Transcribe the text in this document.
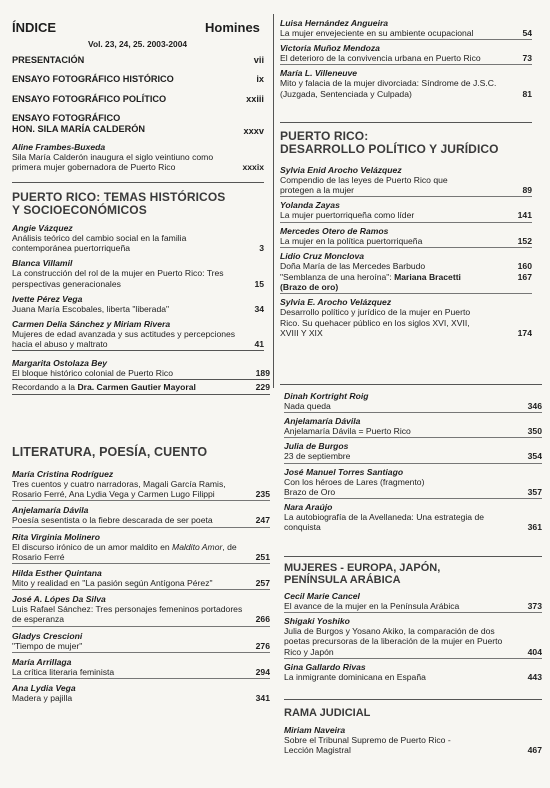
ÍNDICE	Homines
Vol. 23, 24, 25. 2003-2004
PRESENTACIÓN	vii
ENSAYO FOTOGRÁFICO HISTÓRICO	ix
ENSAYO FOTOGRÁFICO POLÍTICO	xxiii
ENSAYO FOTOGRÁFICO
HON. SILA MARÍA CALDERÓN	xxxv
Aline Frambes-Buxeda
Sila María Calderón inaugura el siglo veintiuno como primera mujer gobernadora de Puerto Rico	xxxix
PUERTO RICO: TEMAS HISTÓRICOS
Y SOCIOECONÓMICOS
Angie Vázquez
Análisis teórico del cambio social en la familia contemporánea puertorriqueña	3
Blanca Villamil
La construcción del rol de la mujer en Puerto Rico: Tres perspectivas generacionales	15
Ivette Pérez Vega
Juana María Escobales, liberta "liberada"	34
Carmen Delia Sánchez y Miriam Rivera
Mujeres de edad avanzada y sus actitudes y percepciones hacia el abuso y maltrato	41
Margarita Ostolaza Bey
El bloque histórico colonial de Puerto Rico	189
Recordando a la Dra. Carmen Gautier Mayoral	229
LITERATURA, POESÍA, CUENTO
María Cristina Rodríguez
Tres cuentos y cuatro narradoras, Magali García Ramis, Rosario Ferré, Ana Lydia Vega y Carmen Lugo Filippi	235
Anjelamaría Dávila
Poesía sesentista o la fiebre descarada de ser poeta	247
Rita Virginia Molinero
El discurso irónico de un amor maldito en Maldito Amor, de Rosario Ferré	251
Hilda Esther Quintana
Mito y realidad en "La pasión según Antígona Pérez"	257
José A. Lópes Da Silva
Luis Rafael Sánchez: Tres personajes femeninos portadores de esperanza	266
Gladys Crescioni
"Tiempo de mujer"	276
María Arrillaga
La crítica literaria feminista	294
Ana Lydia Vega
Madera y pajilla	341
Luisa Hernández Angueira
La mujer envejeciente en su ambiente ocupacional	54
Victoria Muñoz Mendoza
El deterioro de la convivencia urbana en Puerto Rico	73
María L. Villeneuve
Mito y falacia de la mujer divorciada: Síndrome de J.S.C. (Juzgada, Sentenciada y Culpada)	81
PUERTO RICO:
DESARROLLO POLÍTICO Y JURÍDICO
Sylvia Enid Arocho Velázquez
Compendio de las leyes de Puerto Rico que protegen a la mujer	89
Yolanda Zayas
La mujer puertorriqueña como líder	141
Mercedes Otero de Ramos
La mujer en la política puertorriqueña	152
Lidio Cruz Monclova
Doña María de las Mercedes Barbudo	160
"Semblanza de una heroína": Mariana Bracetti
(Brazo de oro)
167
Sylvia E. Arocho Velázquez
Desarrollo político y jurídico de la mujer en Puerto Rico. Su quehacer público en los siglos XVI, XVII, XVIII Y XIX	174
Dinah Kortright Roig
Nada queda	346
Anjelamaría Dávila
Anjelamaría Dávila = Puerto Rico	350
Julia de Burgos
23 de septiembre	354
José Manuel Torres Santiago
Con los héroes de Lares (fragmento) Brazo de Oro	357
Nara Araújo
La autobiografía de la Avellaneda: Una estrategia de conquista	361
MUJERES - EUROPA, JAPÓN,
PENÍNSULA ARÁBICA
Cecil Marie Cancel
El avance de la mujer en la Península Arábica	373
Shigaki Yoshiko
Julia de Burgos y Yosano Akiko, la comparación de dos poetas precursoras de la liberación de la mujer en Puerto Rico y Japón	404
Gina Gallardo Rivas
La inmigrante dominicana en España	443
RAMA JUDICIAL
Miriam Naveira
Sobre el Tribunal Supremo de Puerto Rico - Lección Magistral	467
